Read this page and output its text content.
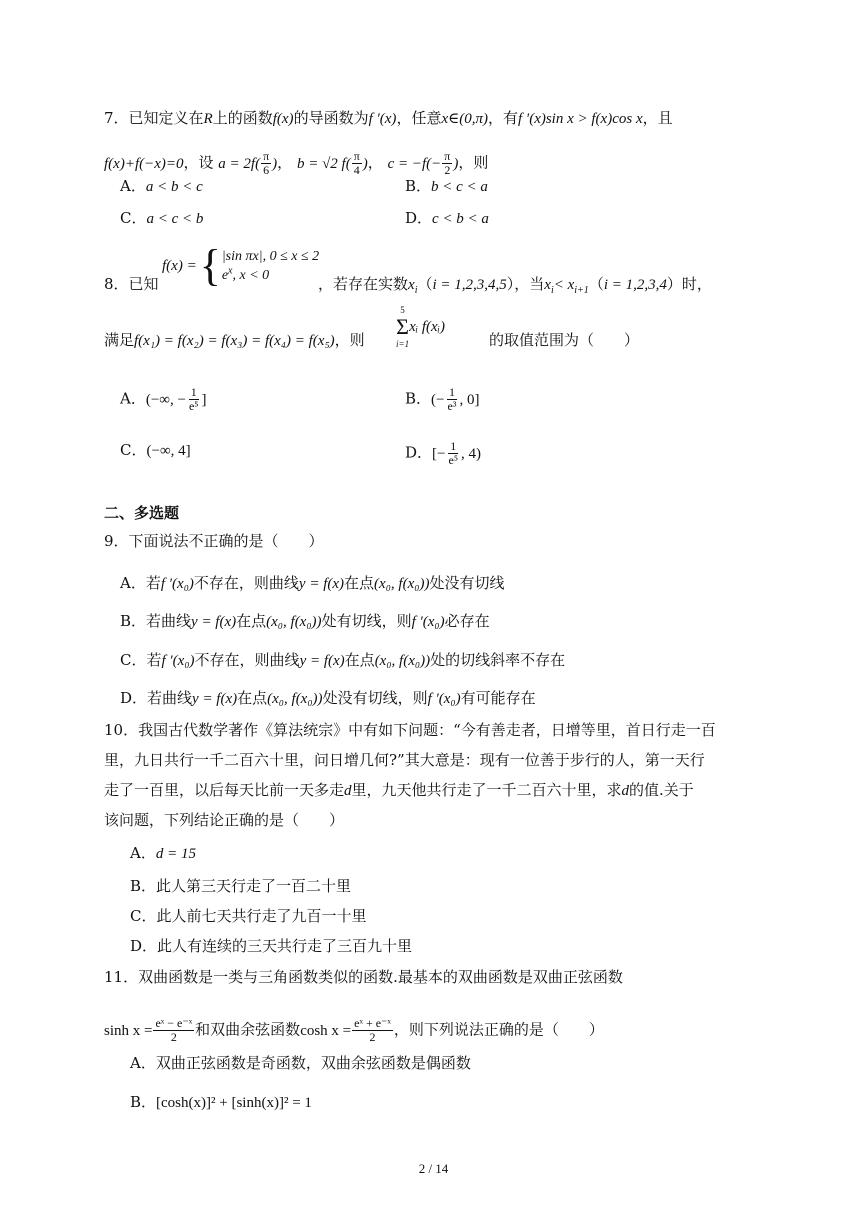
7．已知定义在R上的函数f(x)的导函数为f ′(x)，任意x∈(0,π)，有f ′(x)sin x > f(x)cos x，且
f(x)+f(−x)=0，设 $a = 2f( \frac{\pi}{6}$ )， b = √2 $f( \frac{\pi}{4}$ )， $c = -f(- \frac{\pi}{2}$ )，则
A．a < b < c	B．b < c < a
C．a < c < b	D．c < b < a
8．已知
f(x) = { |sin πx|, 0 ≤ x ≤ 2
$e^x$, x < 0	，若存在实数xi（i = 1,2,3,4,5），当xi< xi+1（i = 1,2,3,4）时，
满足f(x₁) = f(x₂) = f(x₃) = f(x₄) = f(x₅)，则
5
Σ
i=1
xᵢ f(xᵢ)
的取值范围为（　　）
A．(−∞, − $\frac{1}{\text{e⁵}}$ ]	B．(− $\frac{1}{\text{e³}}$ , 0]
C．(−∞, 4]	D．[− $\frac{1}{\text{e⁵}}$ , 4)
二、多选题
9．下面说法不正确的是（　　）
A．若f ′(x₀)不存在，则曲线y = f(x)在点(x₀, f(x₀))处没有切线
B．若曲线y = f(x)在点(x₀, f(x₀))处有切线，则f ′(x₀)必存在
C．若f ′(x₀)不存在，则曲线y = f(x)在点(x₀, f(x₀))处的切线斜率不存在
D．若曲线y = f(x)在点(x₀, f(x₀))处没有切线，则f ′(x₀)有可能存在
10．我国古代数学著作《算法统宗》中有如下问题：“今有善走者，日增等里，首日行走一百
里，九日共行一千二百六十里，问日增几何?”其大意是：现有一位善于步行的人，第一天行
走了一百里，以后每天比前一天多走d里，九天他共行走了一千二百六十里，求d的值.关于
该问题，下列结论正确的是（　　）
A．d = 15
B．此人第三天行走了一百二十里
C．此人前七天共行走了九百一十里
D．此人有连续的三天共行走了三百九十里
11．双曲函数是一类与三角函数类似的函数.最基本的双曲函数是双曲正弦函数
$\sinh x = \frac{\text{eˣ − e⁻ˣ}}{2}$ 和双曲余弦函数$\cosh x = \frac{\text{eˣ + e⁻ˣ}}{2}$ ，则下列说法正确的是（　　）
A．双曲正弦函数是奇函数，双曲余弦函数是偶函数
B．[cosh(x)]² + [sinh(x)]² = 1
2 / 14
